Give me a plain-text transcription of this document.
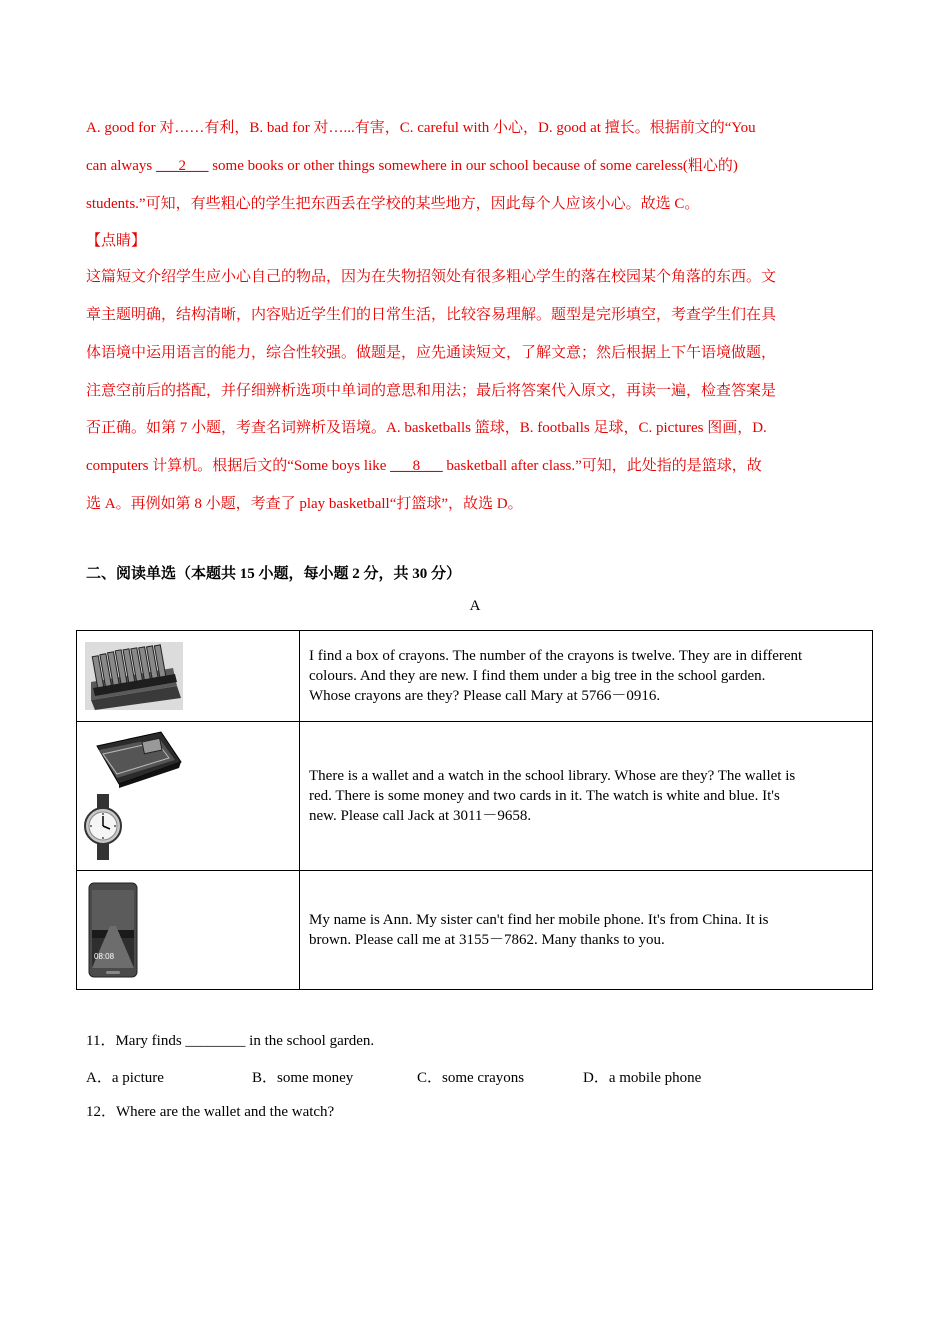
A. good for 对……有利，B. bad for 对…...有害，C. careful with 小心，D. good at 擅长。根据前文的“You
can always ___2___ some books or other things somewhere in our school because of some careless(粗心的)
students.”可知，有些粗心的学生把东西丢在学校的某些地方，因此每个人应该小心。故选 C。
【点睛】
这篇短文介绍学生应小心自己的物品，因为在失物招领处有很多粗心学生的落在校园某个角落的东西。文
章主题明确，结构清晰，内容贴近学生们的日常生活，比较容易理解。题型是完形填空，考查学生们在具
体语境中运用语言的能力，综合性较强。做题是，应先通读短文，了解文意；然后根据上下午语境做题，
注意空前后的搭配，并仔细辨析选项中单词的意思和用法；最后将答案代入原文，再读一遍，检查答案是
否正确。如第 7 小题，考查名词辨析及语境。A. basketballs 篮球，B. footballs 足球，C. pictures 图画，D.
computers 计算机。根据后文的“Some boys like ___8___ basketball after class.”可知，此处指的是篮球，故
选 A。再例如第 8 小题，考查了 play basketball“打篮球”，故选 D。
二、阅读单选（本题共 15 小题，每小题 2 分，共 30 分）
A

I find a box of crayons. The number of the crayons is twelve. They are in different
colours. And they are new. I find them under a big tree in the school garden.
Whose crayons are they? Please call Mary at 5766－0916.

There is a wallet and a watch in the school library. Whose are they? The wallet is
red. There is some money and two cards in it. The watch is white and blue. It's
new. Please call Jack at 3011－9658.

08:08	My name is Ann. My sister can't find her mobile phone. It's from China. It is
brown. Please call me at 3155－7862. Many thanks to you.
11．Mary finds ________ in the school garden.
A．a picture	B．some money	C．some crayons	D．a mobile phone
12．Where are the wallet and the watch?
